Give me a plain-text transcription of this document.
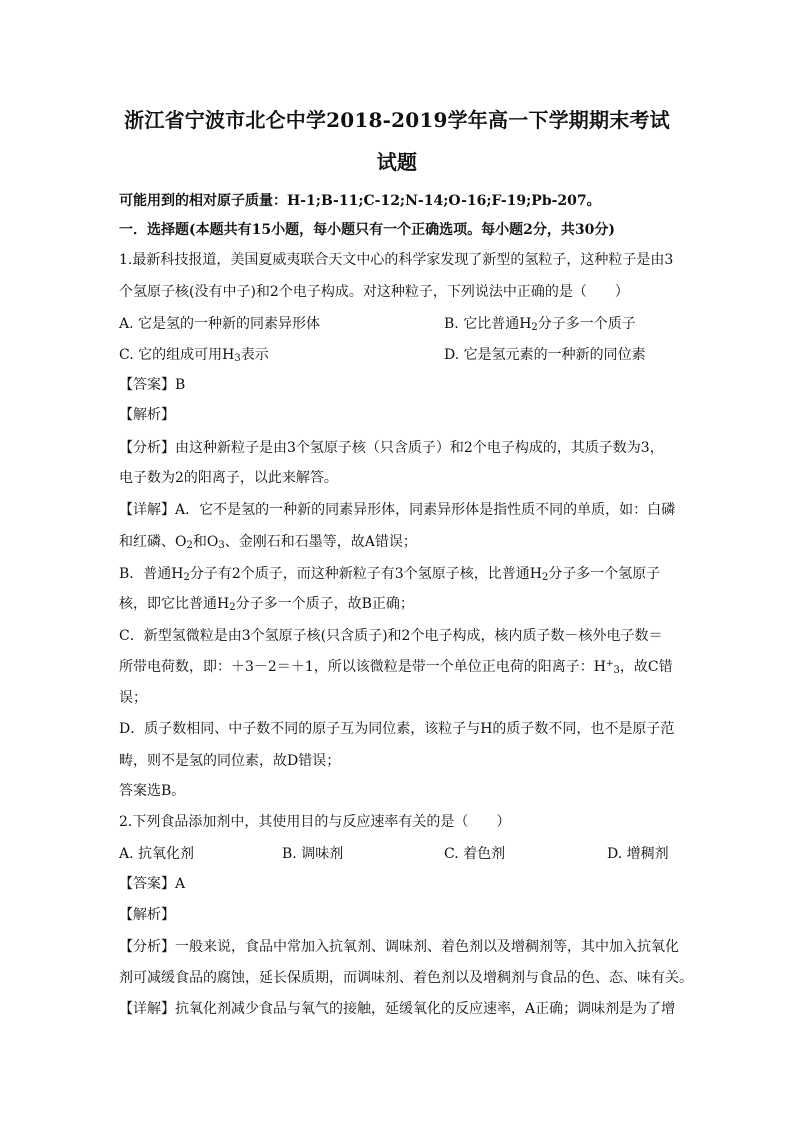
浙江省宁波市北仑中学2018-2019学年高一下学期期末考试
试题
可能用到的相对原子质量：H-1;B-11;C-12;N-14;O-16;F-19;Pb-207。
一．选择题(本题共有15小题，每小题只有一个正确选项。每小题2分，共30分)
1.最新科技报道，美国夏威夷联合天文中心的科学家发现了新型的氢粒子，这种粒子是由3
个氢原子核(没有中子)和2个电子构成。对这种粒子，下列说法中正确的是（　　）
A. 它是氢的一种新的同素异形体	B. 它比普通$H_2$分子多一个质子
C. 它的组成可用$H_3$表示	D. 它是氢元素的一种新的同位素
【答案】B
【解析】
【分析】由这种新粒子是由3个氢原子核（只含质子）和2个电子构成的，其质子数为3，
电子数为2的阳离子，以此来解答。
【详解】A．它不是氢的一种新的同素异形体，同素异形体是指性质不同的单质，如：白磷
和红磷、$O_2$和$O_3$、金刚石和石墨等，故A错误；
B．普通$H_2$分子有2个质子，而这种新粒子有3个氢原子核，比普通$H_2$分子多一个氢原子
核，即它比普通$H_2$分子多一个质子，故B正确；
C．新型氢微粒是由3个氢原子核(只含质子)和2个电子构成，核内质子数－核外电子数＝
所带电荷数，即：＋3－2＝＋1，所以该微粒是带一个单位正电荷的阳离子：$H^+_3$，故C错
误；
D．质子数相同、中子数不同的原子互为同位素，该粒子与H的质子数不同，也不是原子范
畴，则不是氢的同位素，故D错误；
答案选B。
2.下列食品添加剂中，其使用目的与反应速率有关的是（　　）
A. 抗氧化剂	B. 调味剂	C. 着色剂	D. 增稠剂
【答案】A
【解析】
【分析】一般来说，食品中常加入抗氧剂、调味剂、着色剂以及增稠剂等，其中加入抗氧化
剂可减缓食品的腐蚀，延长保质期，而调味剂、着色剂以及增稠剂与食品的色、态、味有关。
【详解】抗氧化剂减少食品与氧气的接触，延缓氧化的反应速率，A正确；调味剂是为了增
